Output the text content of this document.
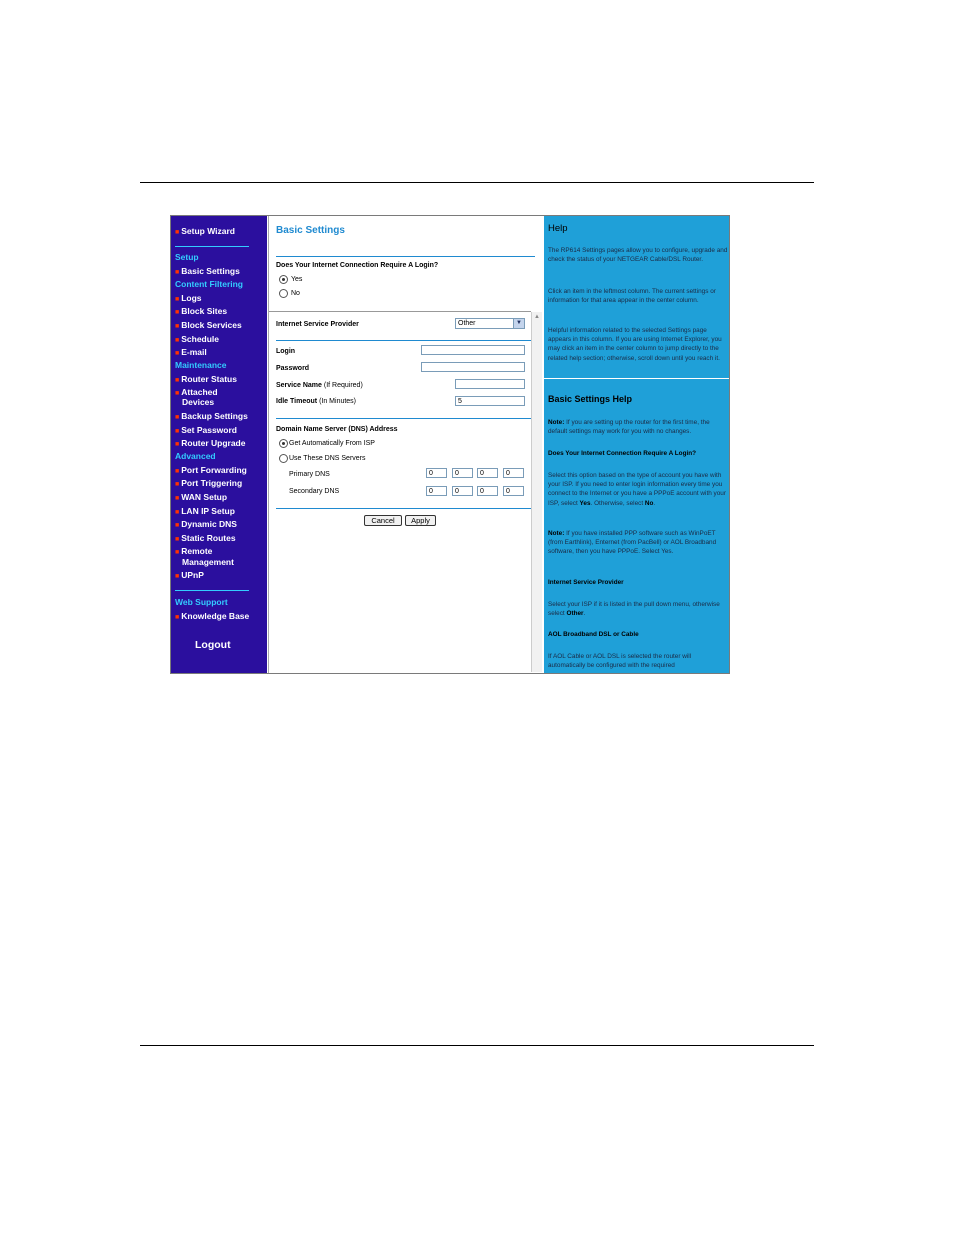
■ Setup Wizard
Setup
■ Basic Settings
Content Filtering
■ Logs
■ Block Sites
■ Block Services
■ Schedule
■ E-mail
Maintenance
■ Router Status
■ Attached
Devices
■ Backup Settings
■ Set Password
■ Router Upgrade
Advanced
■ Port Forwarding
■ Port Triggering
■ WAN Setup
■ LAN IP Setup
■ Dynamic DNS
■ Static Routes
■ Remote
Management
■ UPnP
Web Support
■ Knowledge Base
Logout
Basic Settings
Does Your Internet Connection Require A Login?
Yes
No
Internet Service Provider	Other	▼
Login
Password
Service Name (If Required)
Idle Timeout (In Minutes)	5
Domain Name Server (DNS) Address
Get Automatically From ISP
Use These DNS Servers
Primary DNS	0	0	0	0
Secondary DNS	0	0	0	0
Cancel	Apply
▲
Help
The RP614 Settings pages allow you to configure, upgrade and check the status of your NETGEAR Cable/DSL Router.
Click an item in the leftmost column. The current settings or information for that area appear in the center column.
Helpful information related to the selected Settings page appears in this column. If you are using Internet Explorer, you may click an item in the center column to jump directly to the related help section; otherwise, scroll down until you reach it.
Basic Settings Help
Note: If you are setting up the router for the first time, the default settings may work for you with no changes.
Does Your Internet Connection Require A Login?
Select this option based on the type of account you have with your ISP. If you need to enter login information every time you connect to the Internet or you have a PPPoE account with your ISP, select Yes. Otherwise, select No.
Note: If you have installed PPP software such as WinPoET (from Earthlink), Enternet (from PacBell) or AOL Broadband software, then you have PPPoE. Select Yes.
Internet Service Provider
Select your ISP if it is listed in the pull down menu, otherwise select Other.
AOL Broadband DSL or Cable
If AOL Cable or AOL DSL is selected the router will automatically be configured with the required
